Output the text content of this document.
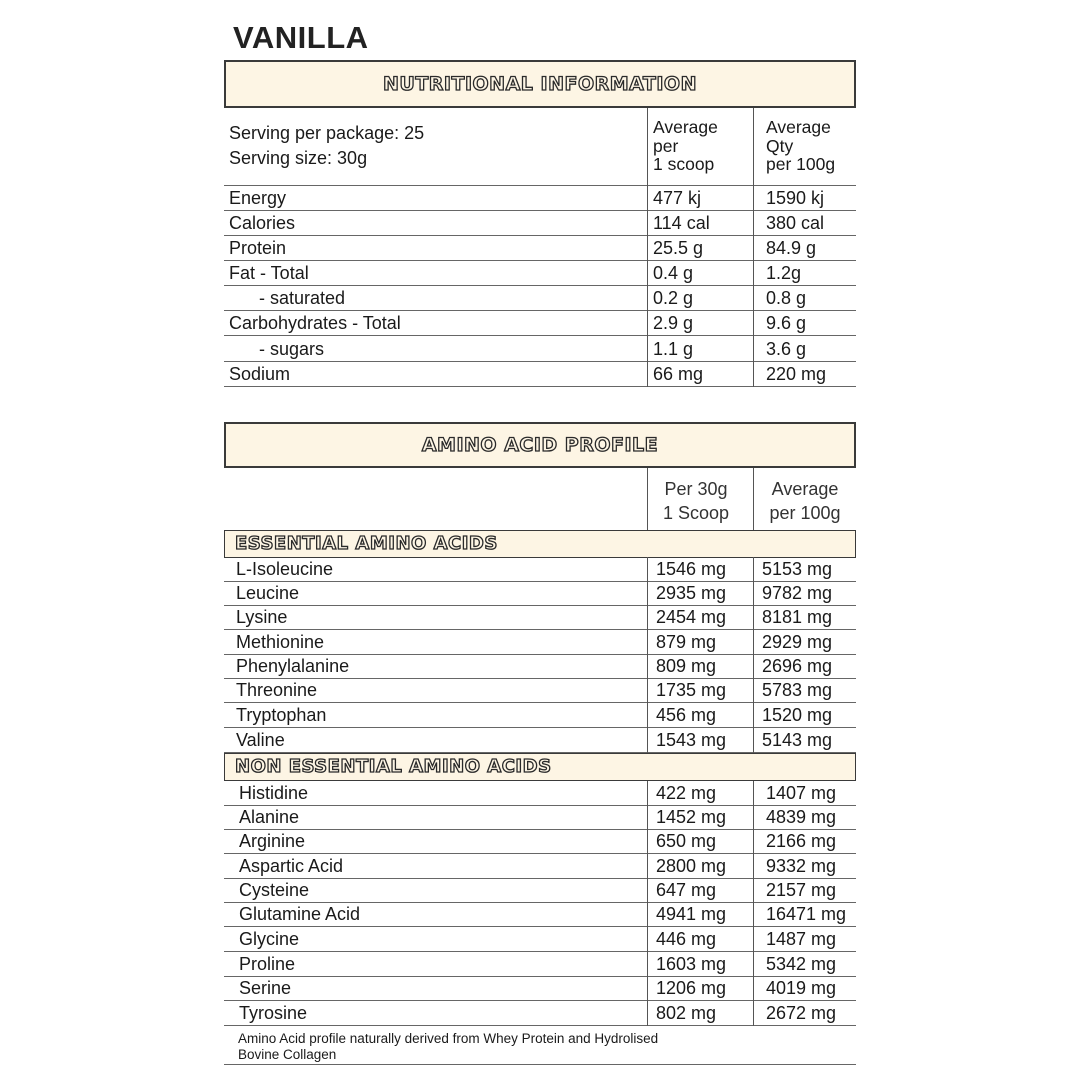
VANILLA
NUTRITIONAL INFORMATION
Serving per package: 25
Serving size: 30g
Average
per
1 scoop
Average
Qty
per 100g
Energy	477 kj	1590 kj
Calories	114 cal	380 cal
Protein	25.5 g	84.9 g
Fat - Total	0.4 g	1.2g
- saturated	0.2 g	0.8 g
Carbohydrates - Total	2.9 g	9.6 g
- sugars	1.1 g	3.6 g
Sodium	66 mg	220 mg
AMINO ACID PROFILE
Per 30g
1 Scoop
Average
per 100g
ESSENTIAL AMINO ACIDS
NON ESSENTIAL AMINO ACIDS
L-Isoleucine	1546 mg 5153 mg
Leucine	2935 mg 9782 mg
Lysine	2454 mg 8181 mg
Methionine	879 mg	2929 mg
Phenylalanine	809 mg	2696 mg
Threonine	1735 mg 5783 mg
Tryptophan	456 mg	1520 mg
Valine	1543 mg 5143 mg
Histidine	422 mg	1407 mg
Alanine	1452 mg 4839 mg
Arginine	650 mg	2166 mg
Aspartic Acid	2800 mg 9332 mg
Cysteine	647 mg	2157 mg
Glutamine Acid	4941 mg 16471 mg
Glycine	446 mg	1487 mg
Proline	1603 mg 5342 mg
Serine	1206 mg 4019 mg
Tyrosine	802 mg	2672 mg
Amino Acid profile naturally derived from Whey Protein and Hydrolised Bovine Collagen
